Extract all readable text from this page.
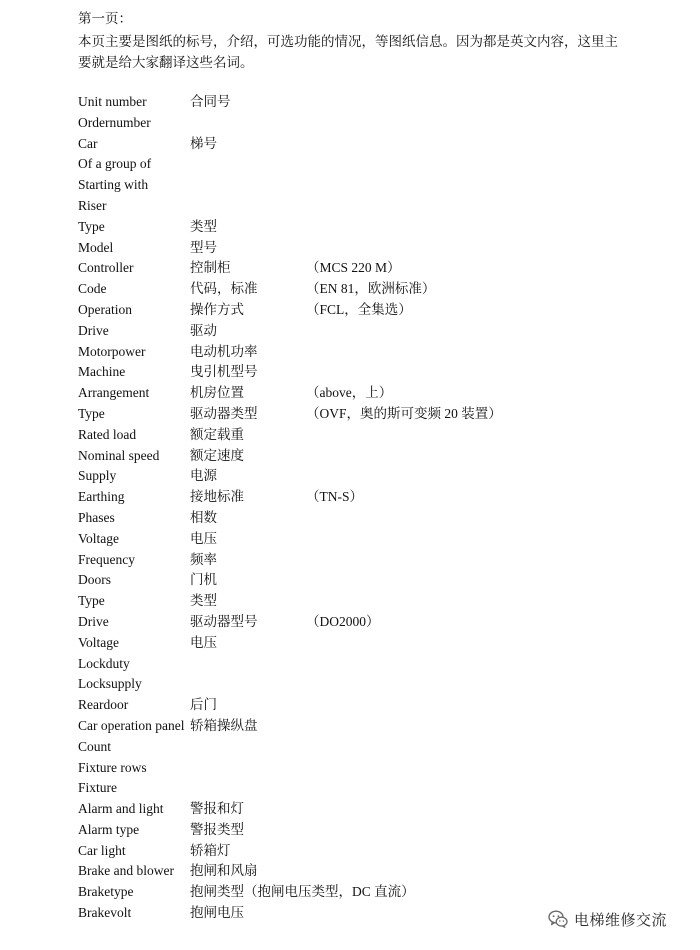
第一页：
本页主要是图纸的标号，介绍，可选功能的情况，等图纸信息。因为都是英文内容，这里主
要就是给大家翻译这些名词。
Unit number	合同号
Ordernumber
Car	梯号
Of a group of
Starting with
Riser
Type	类型
Model	型号
Controller	控制柜	（MCS 220 M）
Code	代码，标准	（EN 81，欧洲标准）
Operation	操作方式	（FCL，全集选）
Drive	驱动
Motorpower	电动机功率
Machine	曳引机型号
Arrangement	机房位置	（above，上）
Type	驱动器类型	（OVF，奥的斯可变频 20 装置）
Rated load	额定载重
Nominal speed 额定速度
Supply	电源
Earthing	接地标准	（TN-S）
Phases	相数
Voltage	电压
Frequency	频率
Doors	门机
Type	类型
Drive	驱动器型号	（DO2000）
Voltage	电压
Lockduty
Locksupply
Reardoor	后门
Car operation panel 轿箱操纵盘
Count
Fixture rows
Fixture
Alarm and light 警报和灯
Alarm type	警报类型
Car light	轿箱灯
Brake and blower 抱闸和风扇
Braketype	抱闸类型（抱闸电压类型，DC 直流）
Brakevolt	抱闸电压	电梯维修交流
